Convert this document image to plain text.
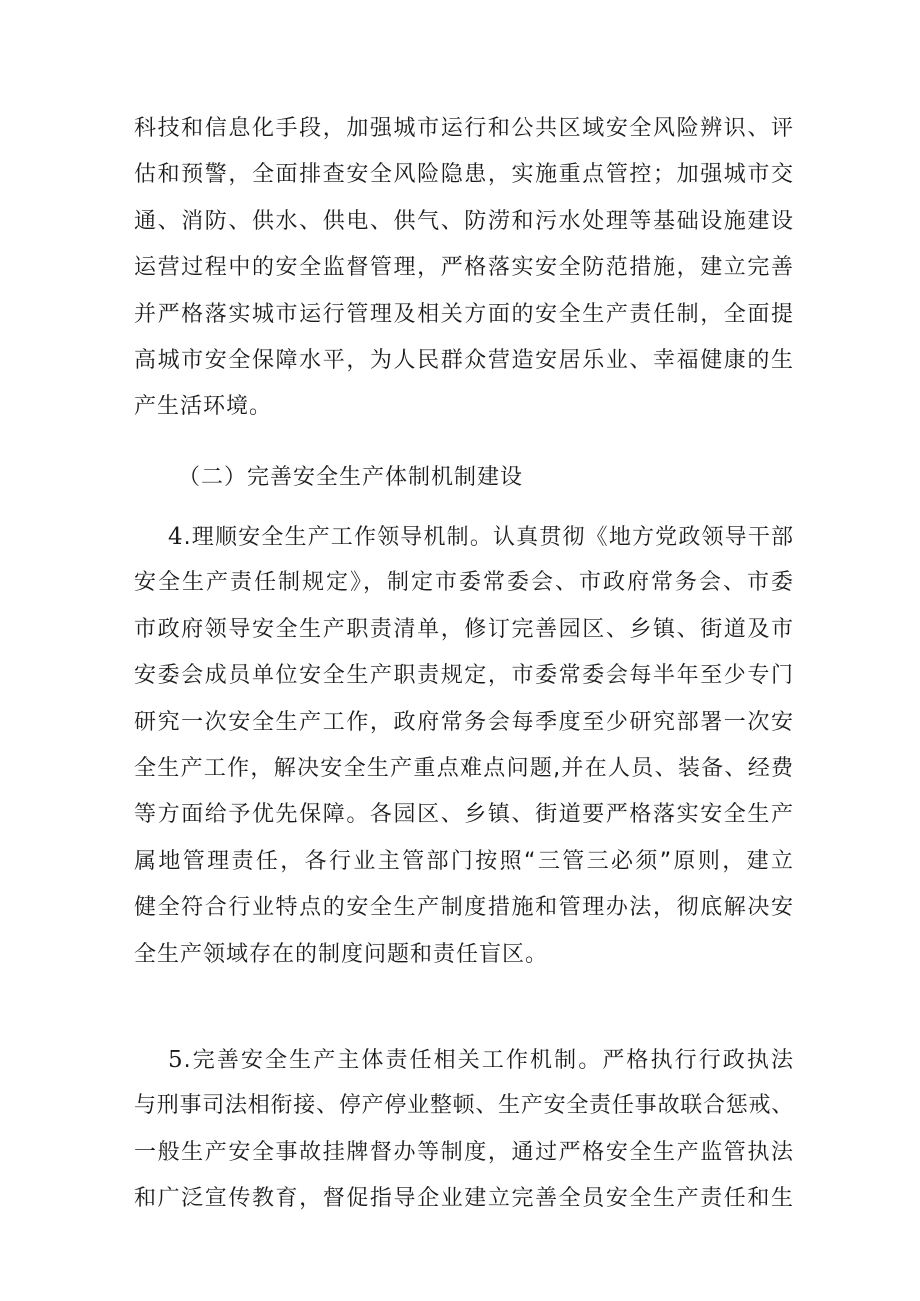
科技和信息化手段，加强城市运行和公共区域安全风险辨识、评
估和预警，全面排查安全风险隐患，实施重点管控；加强城市交
通、消防、供水、供电、供气、防涝和污水处理等基础设施建设
运营过程中的安全监督管理，严格落实安全防范措施，建立完善
并严格落实城市运行管理及相关方面的安全生产责任制，全面提
高城市安全保障水平，为人民群众营造安居乐业、幸福健康的生
产生活环境。
（二）完善安全生产体制机制建设
4.理顺安全生产工作领导机制。认真贯彻《地方党政领导干部
安全生产责任制规定》，制定市委常委会、市政府常务会、市委
市政府领导安全生产职责清单，修订完善园区、乡镇、街道及市
安委会成员单位安全生产职责规定，市委常委会每半年至少专门
研究一次安全生产工作，政府常务会每季度至少研究部署一次安
全生产工作，解决安全生产重点难点问题,并在人员、装备、经费
等方面给予优先保障。各园区、乡镇、街道要严格落实安全生产
属地管理责任，各行业主管部门按照“三管三必须”原则，建立
健全符合行业特点的安全生产制度措施和管理办法，彻底解决安
全生产领域存在的制度问题和责任盲区。
5.完善安全生产主体责任相关工作机制。严格执行行政执法
与刑事司法相衔接、停产停业整顿、生产安全责任事故联合惩戒、
一般生产安全事故挂牌督办等制度，通过严格安全生产监管执法
和广泛宣传教育，督促指导企业建立完善全员安全生产责任和生
